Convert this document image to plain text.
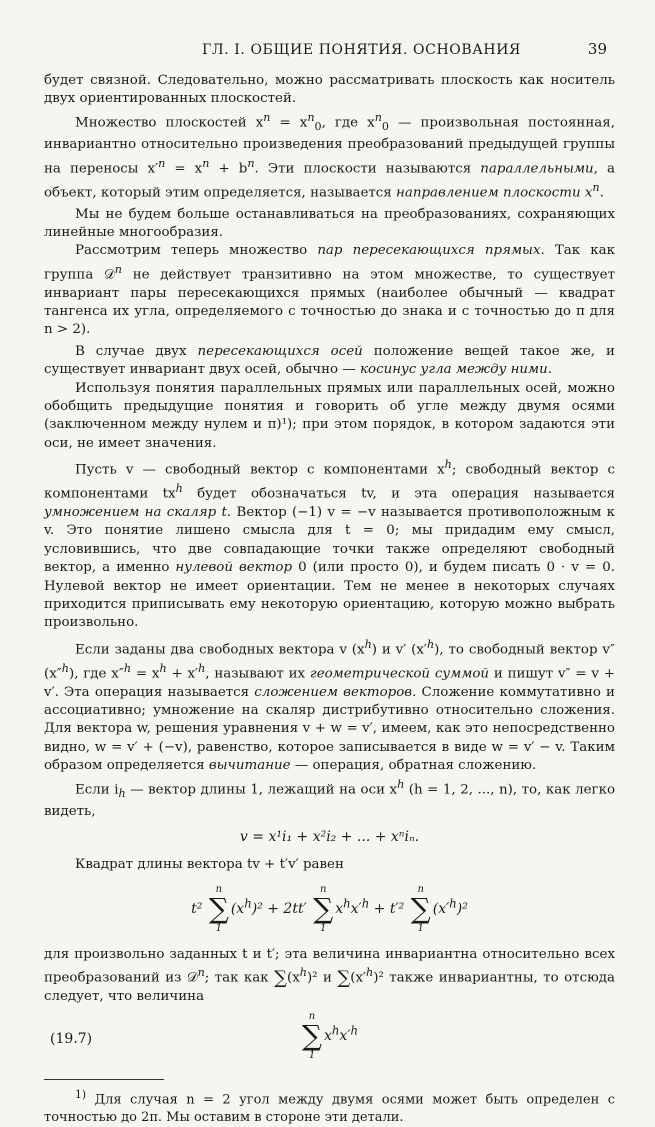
ГЛ. I. ОБЩИЕ ПОНЯТИЯ. ОСНОВАНИЯ	39

будет связной. Следовательно, можно рассматривать плоскость как носитель двух ориентированных плоскостей.

Множество плоскостей $x^n = x^n_0$, где $x^n_0$ — произвольная постоянная, инвариантно относительно произведения преобразований предыдущей группы на переносы $x'^n = x^n + b^n$. Эти плоскости называются параллельными, а объект, который этим определяется, называется направлением плоскости $x^n$.

Мы не будем больше останавливаться на преобразованиях, сохраняющих линейные многообразия.

Рассмотрим теперь множество пар пересекающихся прямых. Так как группа 𝒟$^n$ не действует транзитивно на этом множестве, то существует инвариант пары пересекающихся прямых (наиболее обычный — квадрат тангенса их угла, определяемого с точностью до знака и с точностью до π для n > 2).

В случае двух пересекающихся осей положение вещей такое же, и существует инвариант двух осей, обычно — косинус угла между ними.

Используя понятия параллельных прямых или параллельных осей, можно обобщить предыдущие понятия и говорить об угле между двумя осями (заключенном между нулем и π)¹); при этом порядок, в котором задаются эти оси, не имеет значения.

Пусть v — свободный вектор с компонентами $x^h$; свободный вектор с компонентами $tx^h$ будет обозначаться tv, и эта операция называется умножением на скаляр t. Вектор (−1) v = −v называется противоположным к v. Это понятие лишено смысла для t = 0; мы придадим ему смысл, условившись, что две совпадающие точки также определяют свободный вектор, а именно нулевой вектор 0 (или просто 0), и будем писать 0 · v = 0. Нулевой вектор не имеет ориентации. Тем не менее в некоторых случаях приходится приписывать ему некоторую ориентацию, которую можно выбрать произвольно.

Если заданы два свободных вектора v $(x^h)$ и v′ $(x'^h)$, то свободный вектор v″ (x″$^h$), где $x''^h = x^h + x'^h$, называют их геометрической суммой и пишут v″ = v + v′. Эта операция называется сложением векторов. Сложение коммутативно и ассоциативно; умножение на скаляр дистрибутивно относительно сложения. Для вектора w, решения уравнения v + w = v′, имеем, как это непосредственно видно, w = v′ + (−v), равенство, которое записывается в виде w = v′ − v. Таким образом определяется вычитание — операция, обратная сложению.

Если $i_h$ — вектор длины 1, лежащий на оси $x^h$ (h = 1, 2, ..., n), то, как легко видеть,

v = x¹i₁ + x²i₂ + ... + xⁿiₙ.

Квадрат длины вектора tv + t′v′ равен

t²
n
∑
1
$(x^h)^2 + 2tt'$
n
∑
1
$x^hx'^h + t'^2$
n
∑
1
$(x'^h)^2$

для произвольно заданных t и t′; эта величина инвариантна относительно всех преобразований из 𝒟$^n$; так как $\sum(x^h)^2$ и $\sum(x'^h)^2$ также инвариантны, то отсюда следует, что величина

(19.7)
n
∑
1
$x^hx'^h$

$^{1)}$ Для случая n = 2 угол между двумя осями может быть определен с точностью до 2π. Мы оставим в стороне эти детали.
